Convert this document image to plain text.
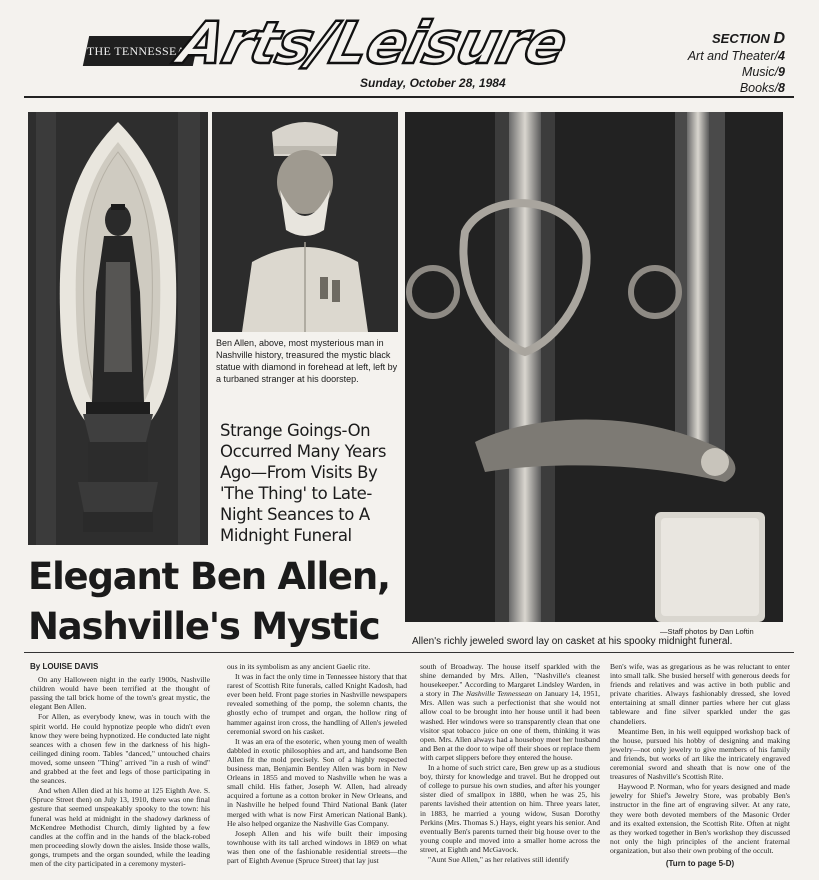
THE TENNESSEAN
Arts/Leisure
Sunday, October 28, 1984
SECTION D
Art and Theater/4
Music/9
Books/8
Ben Allen, above, most mysterious man in Nashville history, treasured the mystic black statue with diamond in forehead at left, left by a turbaned stranger at his doorstep.
Strange Goings-On Occurred Many Years Ago—From Visits By 'The Thing' to Late-Night Seances to A Midnight Funeral
—Staff photos by Dan Loftin
Allen's richly jeweled sword lay on casket at his spooky midnight funeral.
Elegant Ben Allen,
Nashville's Mystic
By LOUISE DAVIS

On any Halloween night in the early 1900s, Nashville children would have been terrified at the thought of passing the tall brick home of the town's great mystic, the elegant Ben Allen.

For Allen, as everybody knew, was in touch with the spirit world. He could hypnotize people who didn't even know they were being hypnotized. He conducted late night seances with a chosen few in the darkness of his high-ceilinged dining room. Tables "danced," untouched chairs moved, some unseen "Thing" arrived "in a rush of wind" and grabbed at the feet and legs of those participating in the seances.

And when Allen died at his home at 125 Eighth Ave. S. (Spruce Street then) on July 13, 1910, there was one final gesture that seemed unspeakably spooky to the town: his funeral was held at midnight in the shadowy darkness of McKendree Methodist Church, dimly lighted by a few candles at the coffin and in the hands of the black-robed men proceeding slowly down the aisles. Inside those walls, gongs, trumpets and the organ sounded, while the leading men of the city participated in a ceremony mysteri-

ous in its symbolism as any ancient Gaelic rite.

It was in fact the only time in Tennessee history that that rarest of Scottish Rite funerals, called Knight Kadosh, had ever been held. Front page stories in Nashville newspapers revealed something of the pomp, the solemn chants, the ghostly echo of trumpet and organ, the hollow ring of hammer against iron cross, the handling of Allen's jeweled ceremonial sword on his casket.

It was an era of the esoteric, when young men of wealth dabbled in exotic philosophies and art, and handsome Ben Allen fit the mold precisely. Son of a highly respected business man, Benjamin Bentley Allen was born in New Orleans in 1855 and moved to Nashville when he was a small child. His father, Joseph W. Allen, had already acquired a fortune as a cotton broker in New Orleans, and in Nashville he helped found Third National Bank (later merged with what is now First American National Bank). He also helped organize the Nashville Gas Company.

Joseph Allen and his wife built their imposing townhouse with its tall arched windows in 1869 on what was then one of the fashionable residential streets—the part of Eighth Avenue (Spruce Street) that lay just

south of Broadway. The house itself sparkled with the shine demanded by Mrs. Allen, "Nashville's cleanest housekeeper." According to Margaret Lindsley Warden, in a story in The Nashville Tennessean on January 14, 1951, Mrs. Allen was such a perfectionist that she would not allow coal to be brought into her house until it had been washed. Her windows were so transparently clean that one visitor spat tobacco juice on one of them, thinking it was open. Mrs. Allen always had a houseboy meet her husband and Ben at the door to wipe off their shoes or replace them with carpet slippers before they entered the house.

In a home of such strict care, Ben grew up as a studious boy, thirsty for knowledge and travel. But he dropped out of college to pursue his own studies, and after his younger sister died of smallpox in 1880, when he was 25, his parents lavished their attention on him. Three years later, in 1883, he married a young widow, Susan Dorothy Perkins (Mrs. Thomas S.) Hays, eight years his senior. And eventually Ben's parents turned their big house over to the young couple and moved into a smaller home across the street, at Eighth and McGavock.

"Aunt Sue Allen," as her relatives still identify

Ben's wife, was as gregarious as he was reluctant to enter into small talk. She busied herself with generous deeds for friends and relatives and was active in both public and private charities. Always fashionably dressed, she loved entertaining at small dinner parties where her cut glass tableware and fine silver sparkled under the gas chandeliers.

Meantime Ben, in his well equipped workshop back of the house, pursued his hobby of designing and making jewelry—not only jewelry to give members of his family and friends, but works of art like the intricately engraved ceremonial sword and sheath that is now one of the treasures of Nashville's Scottish Rite.

Haywood P. Norman, who for years designed and made jewelry for Shief's Jewelry Store, was probably Ben's instructor in the fine art of engraving silver. At any rate, they were both devoted members of the Masonic Order and its exalted extension, the Scottish Rite. Often at night as they worked together in Ben's workshop they discussed not only the high principles of the ancient fraternal organization, but also their own probing of the occult.

(Turn to page 5-D)
